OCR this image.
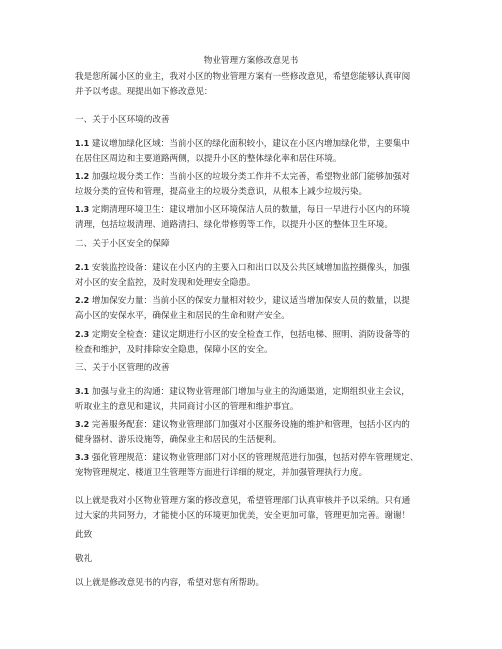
物业管理方案修改意见书
我是您所属小区的业主，我对小区的物业管理方案有一些修改意见，希望您能够认真审阅
并予以考虑。现提出如下修改意见：
一、关于小区环境的改善
1.1 建议增加绿化区域：当前小区的绿化面积较小，建议在小区内增加绿化带，主要集中
在居住区周边和主要道路两侧，以提升小区的整体绿化率和居住环境。
1.2 加强垃圾分类工作：当前小区的垃圾分类工作并不太完善，希望物业部门能够加强对
垃圾分类的宣传和管理，提高业主的垃圾分类意识，从根本上减少垃圾污染。
1.3 定期清理环境卫生：建议增加小区环境保洁人员的数量，每日一早进行小区内的环境
清理，包括垃圾清理、道路清扫、绿化带修剪等工作，以提升小区的整体卫生环境。
二、关于小区安全的保障
2.1 安装监控设备：建议在小区内的主要入口和出口以及公共区域增加监控摄像头，加强
对小区的安全监控，及时发现和处理安全隐患。
2.2 增加保安力量：当前小区的保安力量相对较少，建议适当增加保安人员的数量，以提
高小区的安保水平，确保业主和居民的生命和财产安全。
2.3 定期安全检查：建议定期进行小区的安全检查工作，包括电梯、照明、消防设备等的
检查和维护，及时排除安全隐患，保障小区的安全。
三、关于小区管理的改善
3.1 加强与业主的沟通：建议物业管理部门增加与业主的沟通渠道，定期组织业主会议，
听取业主的意见和建议，共同商讨小区的管理和维护事宜。
3.2 完善服务配套：建议物业管理部门加强对小区服务设施的维护和管理，包括小区内的
健身器材、游乐设施等，确保业主和居民的生活便利。
3.3 强化管理规范：建议物业管理部门对小区的管理规范进行加强，包括对停车管理规定、
宠物管理规定、楼道卫生管理等方面进行详细的规定，并加强管理执行力度。
以上就是我对小区物业管理方案的修改意见，希望管理部门认真审核并予以采纳。只有通
过大家的共同努力，才能使小区的环境更加优美，安全更加可靠，管理更加完善。谢谢！
此致
敬礼
以上就是修改意见书的内容，希望对您有所帮助。
